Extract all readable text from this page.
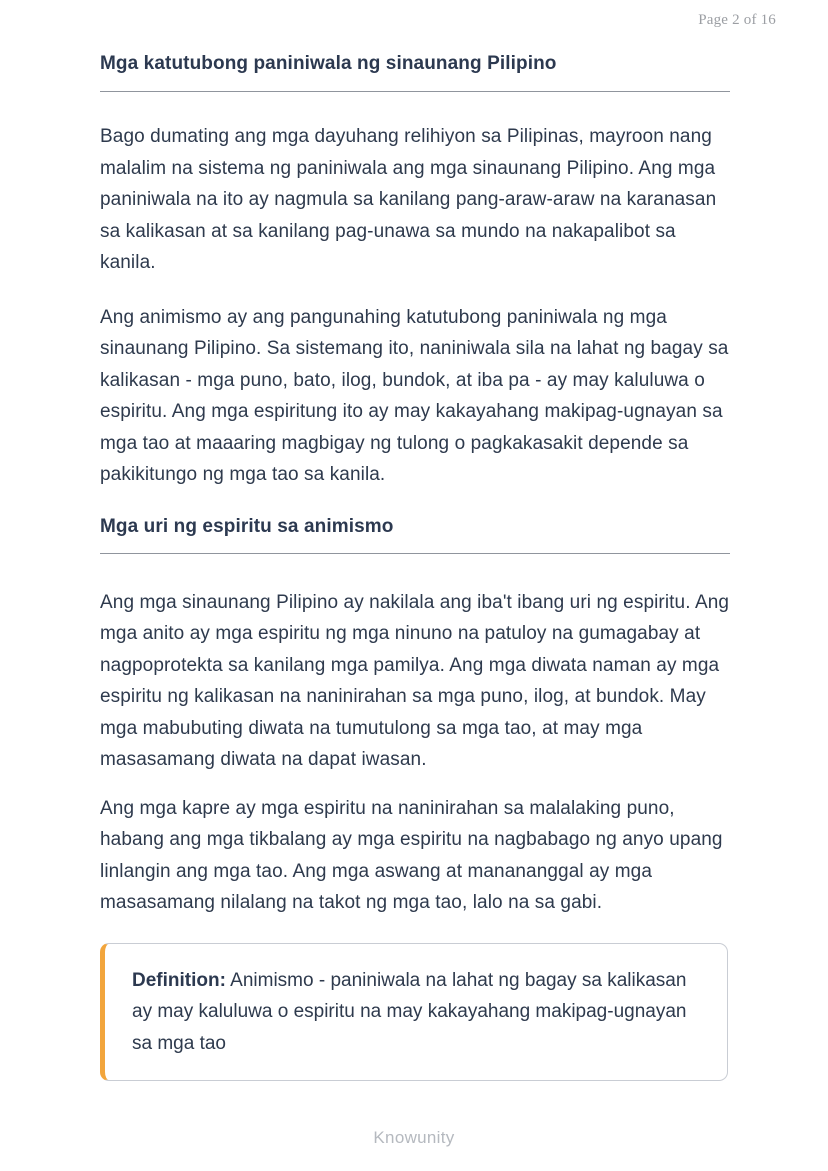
Page 2 of 16
Mga katutubong paniniwala ng sinaunang Pilipino

Bago dumating ang mga dayuhang relihiyon sa Pilipinas, mayroon nang malalim na sistema ng paniniwala ang mga sinaunang Pilipino. Ang mga paniniwala na ito ay nagmula sa kanilang pang-araw-araw na karanasan sa kalikasan at sa kanilang pag-unawa sa mundo na nakapalibot sa kanila.

Ang animismo ay ang pangunahing katutubong paniniwala ng mga sinaunang Pilipino. Sa sistemang ito, naniniwala sila na lahat ng bagay sa kalikasan - mga puno, bato, ilog, bundok, at iba pa - ay may kaluluwa o espiritu. Ang mga espiritung ito ay may kakayahang makipag-ugnayan sa mga tao at maaaring magbigay ng tulong o pagkakasakit depende sa pakikitungo ng mga tao sa kanila.

Mga uri ng espiritu sa animismo

Ang mga sinaunang Pilipino ay nakilala ang iba't ibang uri ng espiritu. Ang mga anito ay mga espiritu ng mga ninuno na patuloy na gumagabay at nagpoprotekta sa kanilang mga pamilya. Ang mga diwata naman ay mga espiritu ng kalikasan na naninirahan sa mga puno, ilog, at bundok. May mga mabubuting diwata na tumutulong sa mga tao, at may mga masasamang diwata na dapat iwasan.

Ang mga kapre ay mga espiritu na naninirahan sa malalaking puno, habang ang mga tikbalang ay mga espiritu na nagbabago ng anyo upang linlangin ang mga tao. Ang mga aswang at manananggal ay mga masasamang nilalang na takot ng mga tao, lalo na sa gabi.

Definition: Animismo - paniniwala na lahat ng bagay sa kalikasan ay may kaluluwa o espiritu na may kakayahang makipag-ugnayan sa mga tao

Knowunity
